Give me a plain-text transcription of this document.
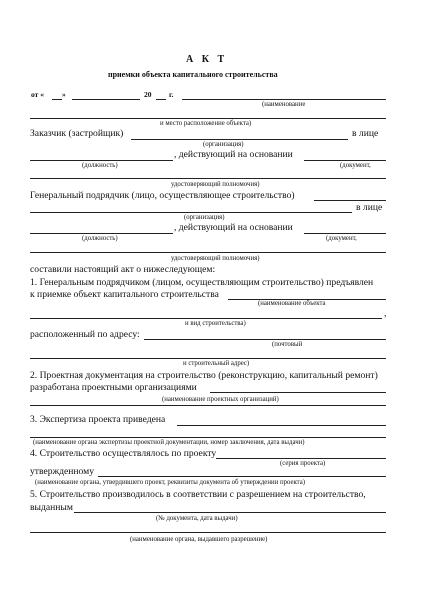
А К Т
приемки объекта капитального строительства
от « »	20 г.
(наименование
и место расположение объекта)
Заказчик (застройщик)	в лице
(организация)
, действующий на основании
(должность)	(документ,
удостоверяющий полномочия)
Генеральный подрядчик (лицо, осуществляющее строительство)
в лице
(организация)
, действующий на основании
(должность)	(документ,
удостоверяющий полномочия)
составили настоящий акт о нижеследующем:
1. Генеральным подрядчиком (лицом, осуществляющим строительство) предъявлен
к приемке объект капитального строительства
(наименование объекта
,
и вид строительства)
расположенный по адресу:
(почтовый
и строительный адрес)
2. Проектная документация на строительство (реконструкцию, капитальный ремонт)
разработана проектными организациями
(наименование проектных организаций)
3. Экспертиза проекта приведена
(наименование органа экспертизы проектной документации, номер заключения, дата выдачи)
4. Строительство осуществлялось по проекту
(серия проекта)
утвержденному
(наименование органа, утвердившего проект, реквизиты документа об утверждении проекта)
5. Строительство производилось в соответствии с разрешением на строительство,
выданным
(№ документа, дата выдачи)
(наименование органа, выдавшего разрешение)
